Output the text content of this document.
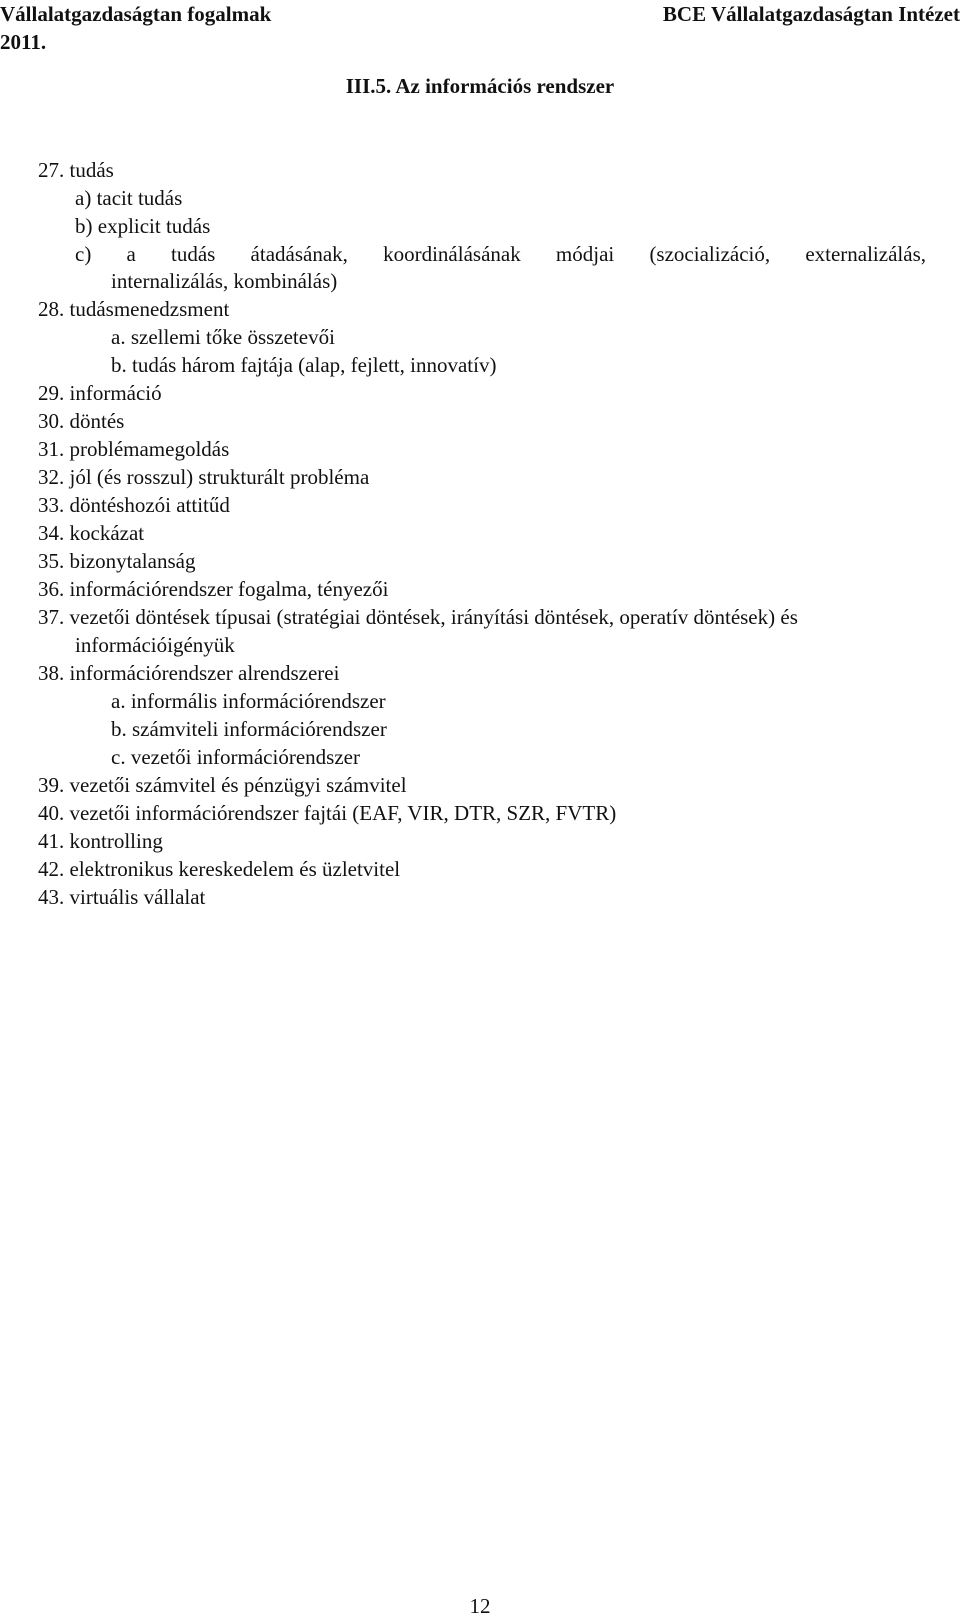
Vállalatgazdaságtan fogalmak	BCE Vállalatgazdaságtan Intézet
2011.
III.5. Az információs rendszer
27. tudás
a) tacit tudás
b) explicit tudás
c) a tudás átadásának, koordinálásának módjai (szocializáció, externalizálás,
internalizálás, kombinálás)
28. tudásmenedzsment
a. szellemi tőke összetevői
b. tudás három fajtája (alap, fejlett, innovatív)
29. információ
30. döntés
31. problémamegoldás
32. jól (és rosszul) strukturált probléma
33. döntéshozói attitűd
34. kockázat
35. bizonytalanság
36. információrendszer fogalma, tényezői
37. vezetői döntések típusai (stratégiai döntések, irányítási döntések, operatív döntések) és
információigényük
38. információrendszer alrendszerei
a. informális információrendszer
b. számviteli információrendszer
c. vezetői információrendszer
39. vezetői számvitel és pénzügyi számvitel
40. vezetői információrendszer fajtái (EAF, VIR, DTR, SZR, FVTR)
41. kontrolling
42. elektronikus kereskedelem és üzletvitel
43. virtuális vállalat
12
